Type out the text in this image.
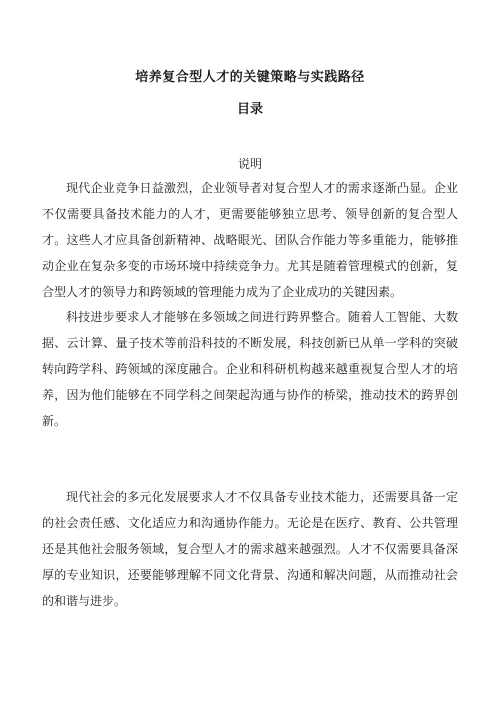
培养复合型人才的关键策略与实践路径
目录
说明

现代企业竞争日益激烈，企业领导者对复合型人才的需求逐渐凸显。企业不仅需要具备技术能力的人才，更需要能够独立思考、领导创新的复合型人才。这些人才应具备创新精神、战略眼光、团队合作能力等多重能力，能够推动企业在复杂多变的市场环境中持续竞争力。尤其是随着管理模式的创新，复合型人才的领导力和跨领域的管理能力成为了企业成功的关键因素。

科技进步要求人才能够在多领域之间进行跨界整合。随着人工智能、大数据、云计算、量子技术等前沿科技的不断发展，科技创新已从单一学科的突破转向跨学科、跨领域的深度融合。企业和科研机构越来越重视复合型人才的培养，因为他们能够在不同学科之间架起沟通与协作的桥梁，推动技术的跨界创新。

现代社会的多元化发展要求人才不仅具备专业技术能力，还需要具备一定的社会责任感、文化适应力和沟通协作能力。无论是在医疗、教育、公共管理还是其他社会服务领域，复合型人才的需求越来越强烈。人才不仅需要具备深厚的专业知识，还要能够理解不同文化背景、沟通和解决问题，从而推动社会的和谐与进步。
